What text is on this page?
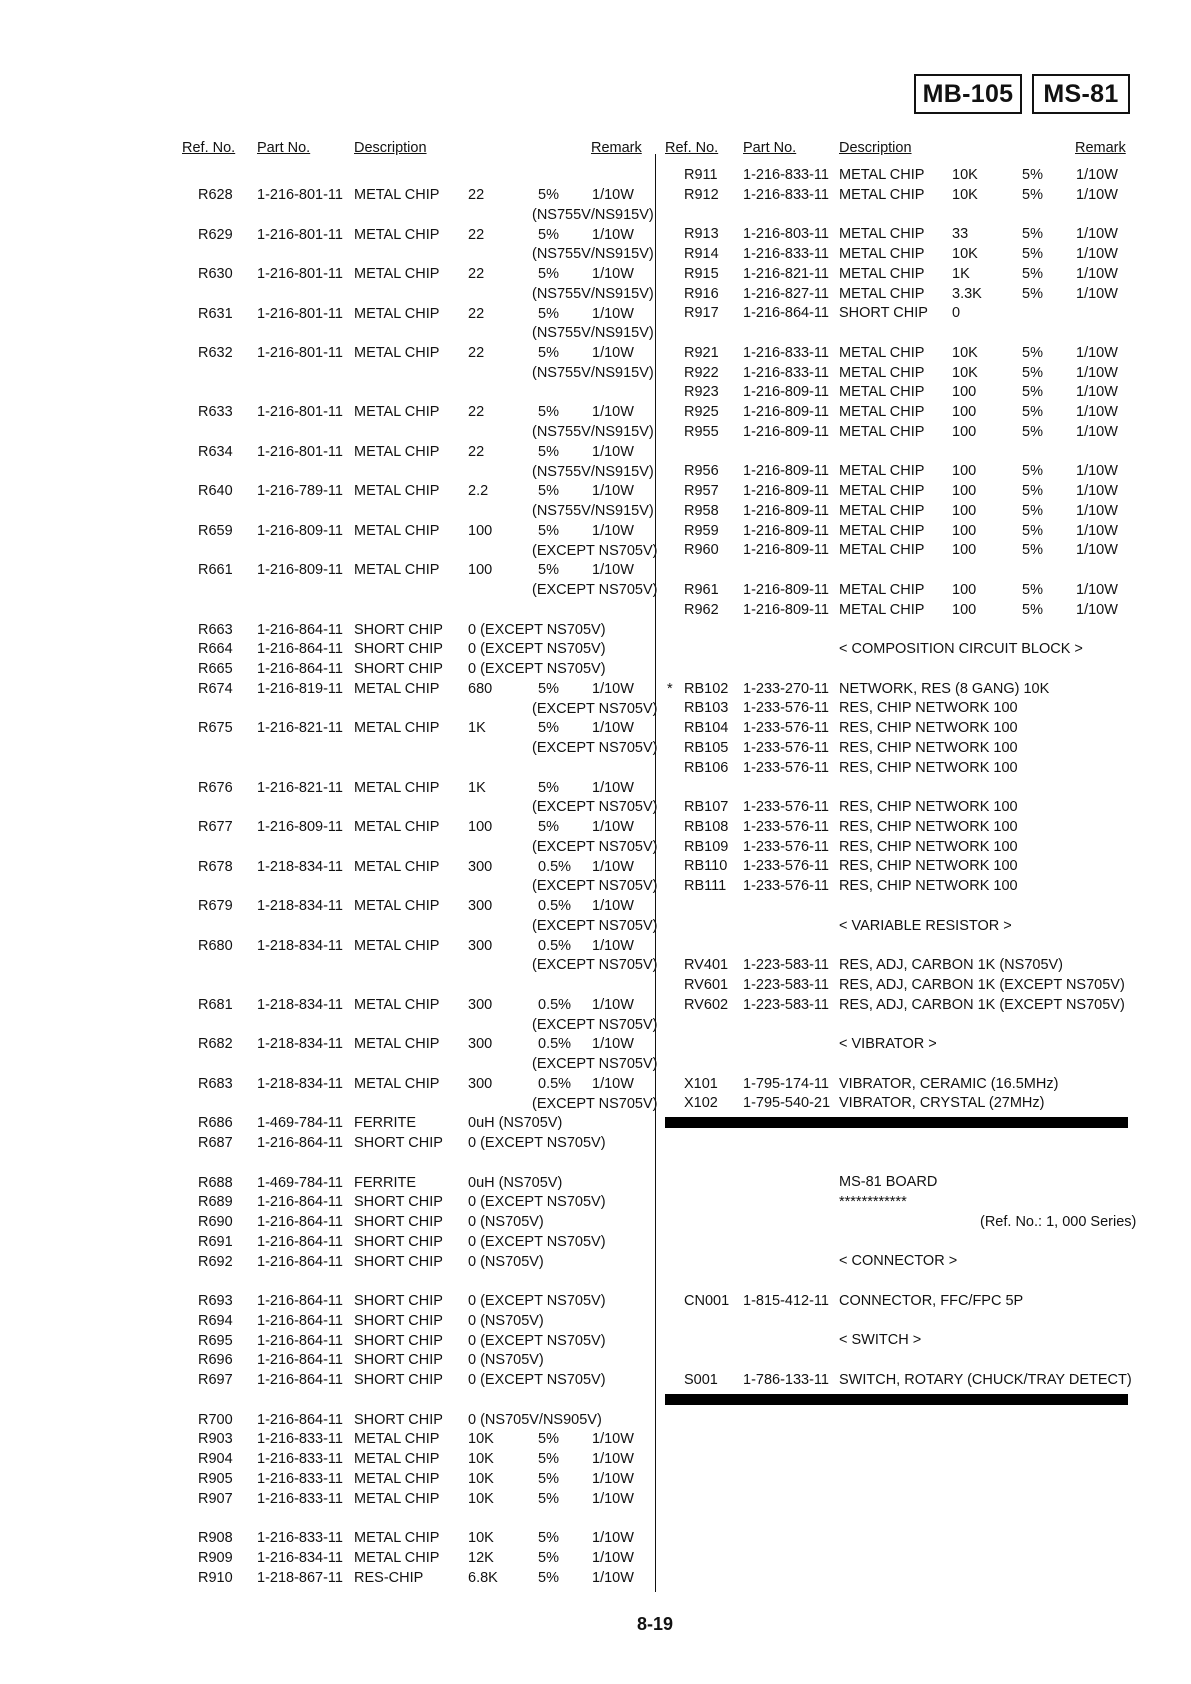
MB-105	MS-81
Ref. No. Part No.	Description	Remark Ref. No. Part No.	Description	Remark
R628 1-216-801-11 METAL CHIP 22	5% 1/10W
(NS755V/NS915V)
R629 1-216-801-11 METAL CHIP 22	5% 1/10W
(NS755V/NS915V)
R630 1-216-801-11 METAL CHIP 22	5% 1/10W
(NS755V/NS915V)
R631 1-216-801-11 METAL CHIP 22	5% 1/10W
(NS755V/NS915V)
R632 1-216-801-11 METAL CHIP 22	5% 1/10W
(NS755V/NS915V)
R633 1-216-801-11 METAL CHIP 22	5% 1/10W
(NS755V/NS915V)
R634 1-216-801-11 METAL CHIP 22	5% 1/10W
(NS755V/NS915V)
R640 1-216-789-11 METAL CHIP 2.2	5% 1/10W
(NS755V/NS915V)
R659 1-216-809-11 METAL CHIP 100	5% 1/10W
(EXCEPT NS705V)
R661 1-216-809-11 METAL CHIP 100	5% 1/10W
(EXCEPT NS705V)
R663 1-216-864-11 SHORT CHIP 0 (EXCEPT NS705V)
R664 1-216-864-11 SHORT CHIP 0 (EXCEPT NS705V)
R665 1-216-864-11 SHORT CHIP 0 (EXCEPT NS705V)
R674 1-216-819-11 METAL CHIP 680	5% 1/10W
(EXCEPT NS705V)
R675 1-216-821-11 METAL CHIP 1K	5% 1/10W
(EXCEPT NS705V)
R676 1-216-821-11 METAL CHIP 1K	5% 1/10W
(EXCEPT NS705V)
R677 1-216-809-11 METAL CHIP 100	5% 1/10W
(EXCEPT NS705V)
R678 1-218-834-11 METAL CHIP 300	0.5% 1/10W
(EXCEPT NS705V)
R679 1-218-834-11 METAL CHIP 300	0.5% 1/10W
(EXCEPT NS705V)
R680 1-218-834-11 METAL CHIP 300	0.5% 1/10W
(EXCEPT NS705V)
R681 1-218-834-11 METAL CHIP 300	0.5% 1/10W
(EXCEPT NS705V)
R682 1-218-834-11 METAL CHIP 300	0.5% 1/10W
(EXCEPT NS705V)
R683 1-218-834-11 METAL CHIP 300	0.5% 1/10W
(EXCEPT NS705V)
R686 1-469-784-11 FERRITE	0uH (NS705V)
R687 1-216-864-11 SHORT CHIP 0 (EXCEPT NS705V)
R688 1-469-784-11 FERRITE	0uH (NS705V)
R689 1-216-864-11 SHORT CHIP 0 (EXCEPT NS705V)
R690 1-216-864-11 SHORT CHIP 0 (NS705V)
R691 1-216-864-11 SHORT CHIP 0 (EXCEPT NS705V)
R692 1-216-864-11 SHORT CHIP 0 (NS705V)
R693 1-216-864-11 SHORT CHIP 0 (EXCEPT NS705V)
R694 1-216-864-11 SHORT CHIP 0 (NS705V)
R695 1-216-864-11 SHORT CHIP 0 (EXCEPT NS705V)
R696 1-216-864-11 SHORT CHIP 0 (NS705V)
R697 1-216-864-11 SHORT CHIP 0 (EXCEPT NS705V)
R700 1-216-864-11 SHORT CHIP 0 (NS705V/NS905V)
R903 1-216-833-11 METAL CHIP 10K	5% 1/10W
R904 1-216-833-11 METAL CHIP 10K	5% 1/10W
R905 1-216-833-11 METAL CHIP 10K	5% 1/10W
R907 1-216-833-11 METAL CHIP 10K	5% 1/10W
R908 1-216-833-11 METAL CHIP 10K	5% 1/10W
R909 1-216-834-11 METAL CHIP 12K	5% 1/10W
R910 1-218-867-11 RES-CHIP	6.8K	5% 1/10W
R911 1-216-833-11 METAL CHIP 10K	5% 1/10W
R912 1-216-833-11 METAL CHIP 10K	5% 1/10W
R913 1-216-803-11 METAL CHIP 33	5% 1/10W
R914 1-216-833-11 METAL CHIP 10K	5% 1/10W
R915 1-216-821-11 METAL CHIP 1K	5% 1/10W
R916 1-216-827-11 METAL CHIP 3.3K	5% 1/10W
R917 1-216-864-11 SHORT CHIP 0
R921 1-216-833-11 METAL CHIP 10K	5% 1/10W
R922 1-216-833-11 METAL CHIP 10K	5% 1/10W
R923 1-216-809-11 METAL CHIP 100	5% 1/10W
R925 1-216-809-11 METAL CHIP 100	5% 1/10W
R955 1-216-809-11 METAL CHIP 100	5% 1/10W
R956 1-216-809-11 METAL CHIP 100	5% 1/10W
R957 1-216-809-11 METAL CHIP 100	5% 1/10W
R958 1-216-809-11 METAL CHIP 100	5% 1/10W
R959 1-216-809-11 METAL CHIP 100	5% 1/10W
R960 1-216-809-11 METAL CHIP 100	5% 1/10W
R961 1-216-809-11 METAL CHIP 100	5% 1/10W
R962 1-216-809-11 METAL CHIP 100	5% 1/10W
< COMPOSITION CIRCUIT BLOCK >
* RB102 1-233-270-11 NETWORK, RES (8 GANG) 10K
RB103 1-233-576-11 RES, CHIP NETWORK 100
RB104 1-233-576-11 RES, CHIP NETWORK 100
RB105 1-233-576-11 RES, CHIP NETWORK 100
RB106 1-233-576-11 RES, CHIP NETWORK 100
RB107 1-233-576-11 RES, CHIP NETWORK 100
RB108 1-233-576-11 RES, CHIP NETWORK 100
RB109 1-233-576-11 RES, CHIP NETWORK 100
RB110 1-233-576-11 RES, CHIP NETWORK 100
RB111 1-233-576-11 RES, CHIP NETWORK 100
< VARIABLE RESISTOR >
RV401 1-223-583-11 RES, ADJ, CARBON 1K (NS705V)
RV601 1-223-583-11 RES, ADJ, CARBON 1K (EXCEPT NS705V)
RV602 1-223-583-11 RES, ADJ, CARBON 1K (EXCEPT NS705V)
< VIBRATOR >
X101 1-795-174-11 VIBRATOR, CERAMIC (16.5MHz)
X102 1-795-540-21 VIBRATOR, CRYSTAL (27MHz)
MS-81 BOARD
************
(Ref. No.: 1, 000 Series)
< CONNECTOR >
CN001 1-815-412-11 CONNECTOR, FFC/FPC 5P
< SWITCH >
S001 1-786-133-11 SWITCH, ROTARY (CHUCK/TRAY DETECT)
8-19
